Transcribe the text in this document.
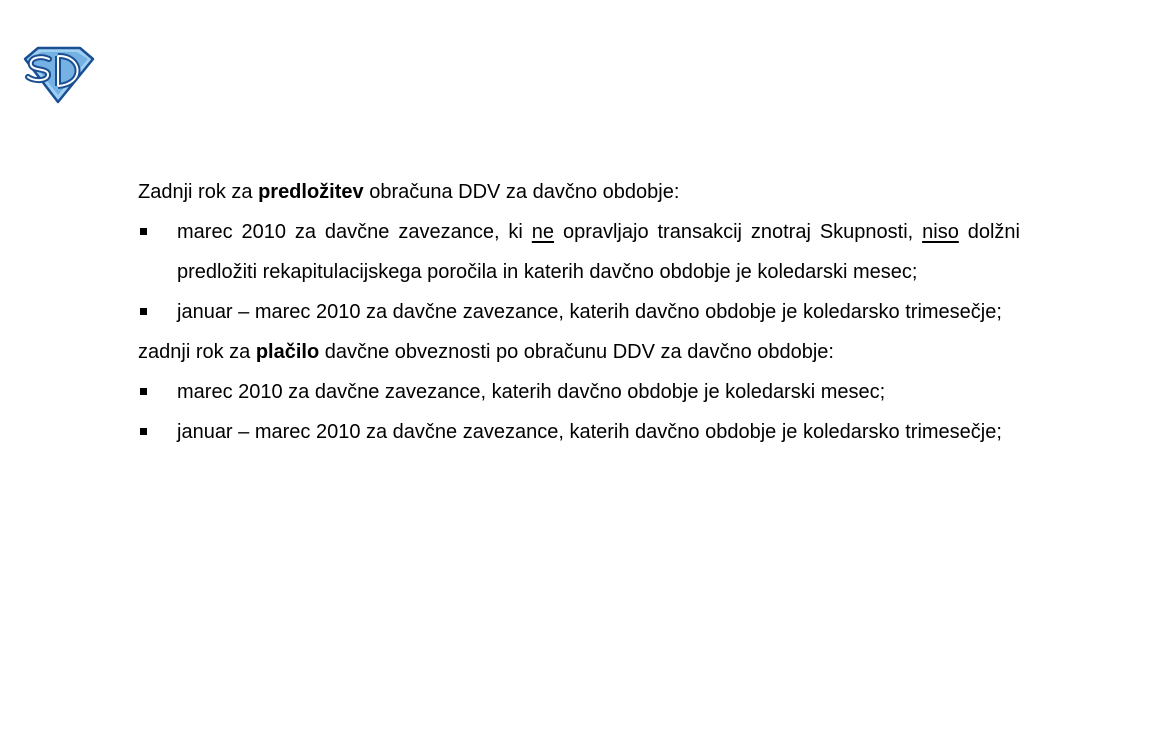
Zadnji rok za predložitev obračuna DDV za davčno obdobje:

marec 2010 za davčne zavezance, ki ne opravljajo transakcij znotraj Skupnosti, niso dolžni predložiti rekapitulacijskega poročila in katerih davčno obdobje je koledarski mesec;
januar – marec 2010 za davčne zavezance, katerih davčno obdobje je koledarsko trimesečje;

zadnji rok za plačilo davčne obveznosti po obračunu DDV za davčno obdobje:

marec 2010 za davčne zavezance, katerih davčno obdobje je koledarski mesec;
januar – marec 2010 za davčne zavezance, katerih davčno obdobje je koledarsko trimesečje;
